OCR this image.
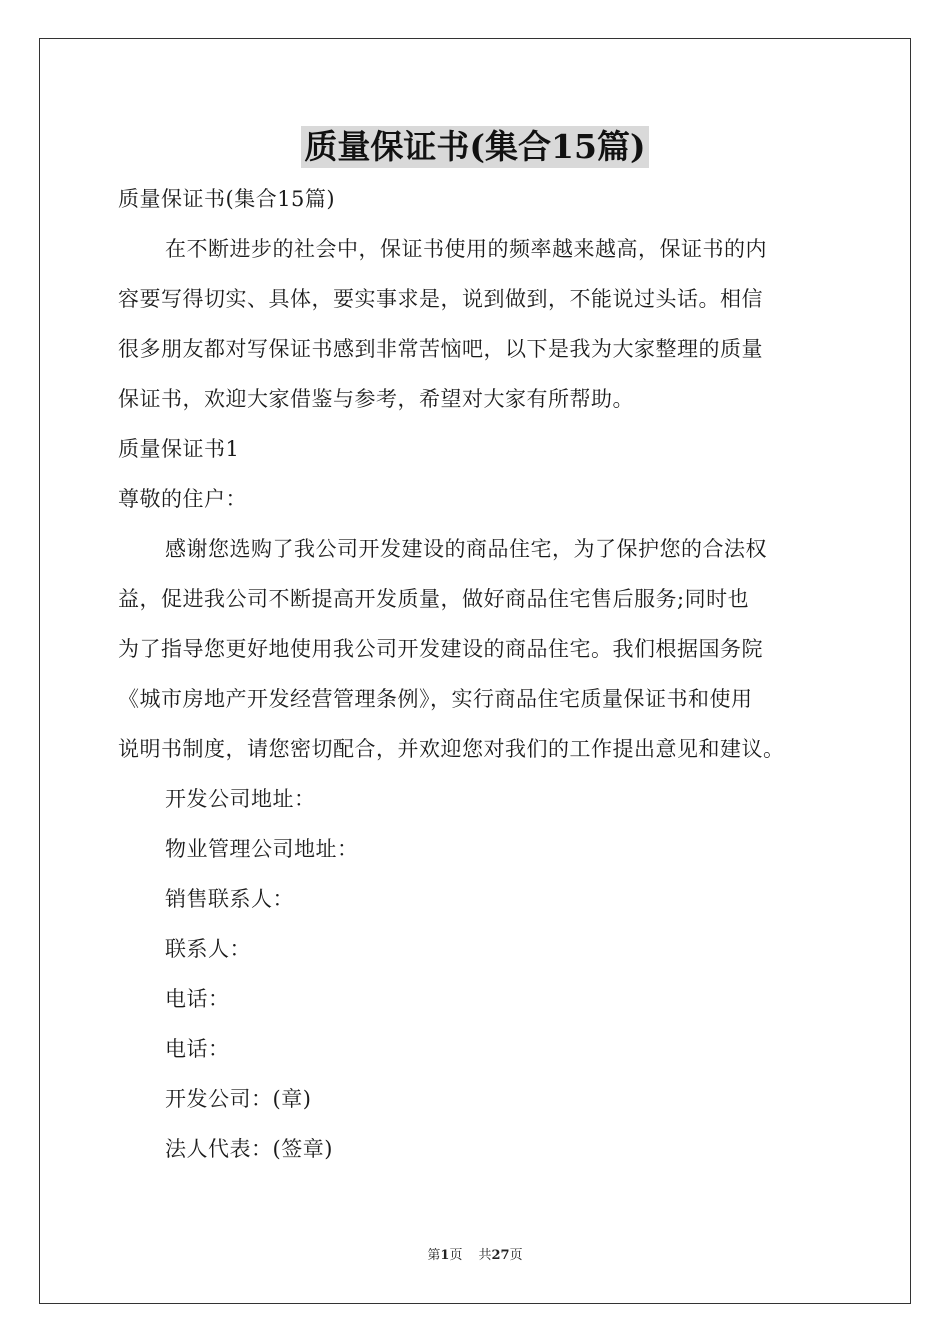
质量保证书(集合15篇)
质量保证书(集合15篇)
在不断进步的社会中，保证书使用的频率越来越高，保证书的内
容要写得切实、具体，要实事求是，说到做到，不能说过头话。相信
很多朋友都对写保证书感到非常苦恼吧，以下是我为大家整理的质量
保证书，欢迎大家借鉴与参考，希望对大家有所帮助。
质量保证书1
尊敬的住户：
感谢您选购了我公司开发建设的商品住宅，为了保护您的合法权
益，促进我公司不断提高开发质量，做好商品住宅售后服务;同时也
为了指导您更好地使用我公司开发建设的商品住宅。我们根据国务院
《城市房地产开发经营管理条例》，实行商品住宅质量保证书和使用
说明书制度，请您密切配合，并欢迎您对我们的工作提出意见和建议。
开发公司地址：
物业管理公司地址：
销售联系人：
联系人：
电话：
电话：
开发公司：(章)
法人代表：(签章)
第1页 共27页
